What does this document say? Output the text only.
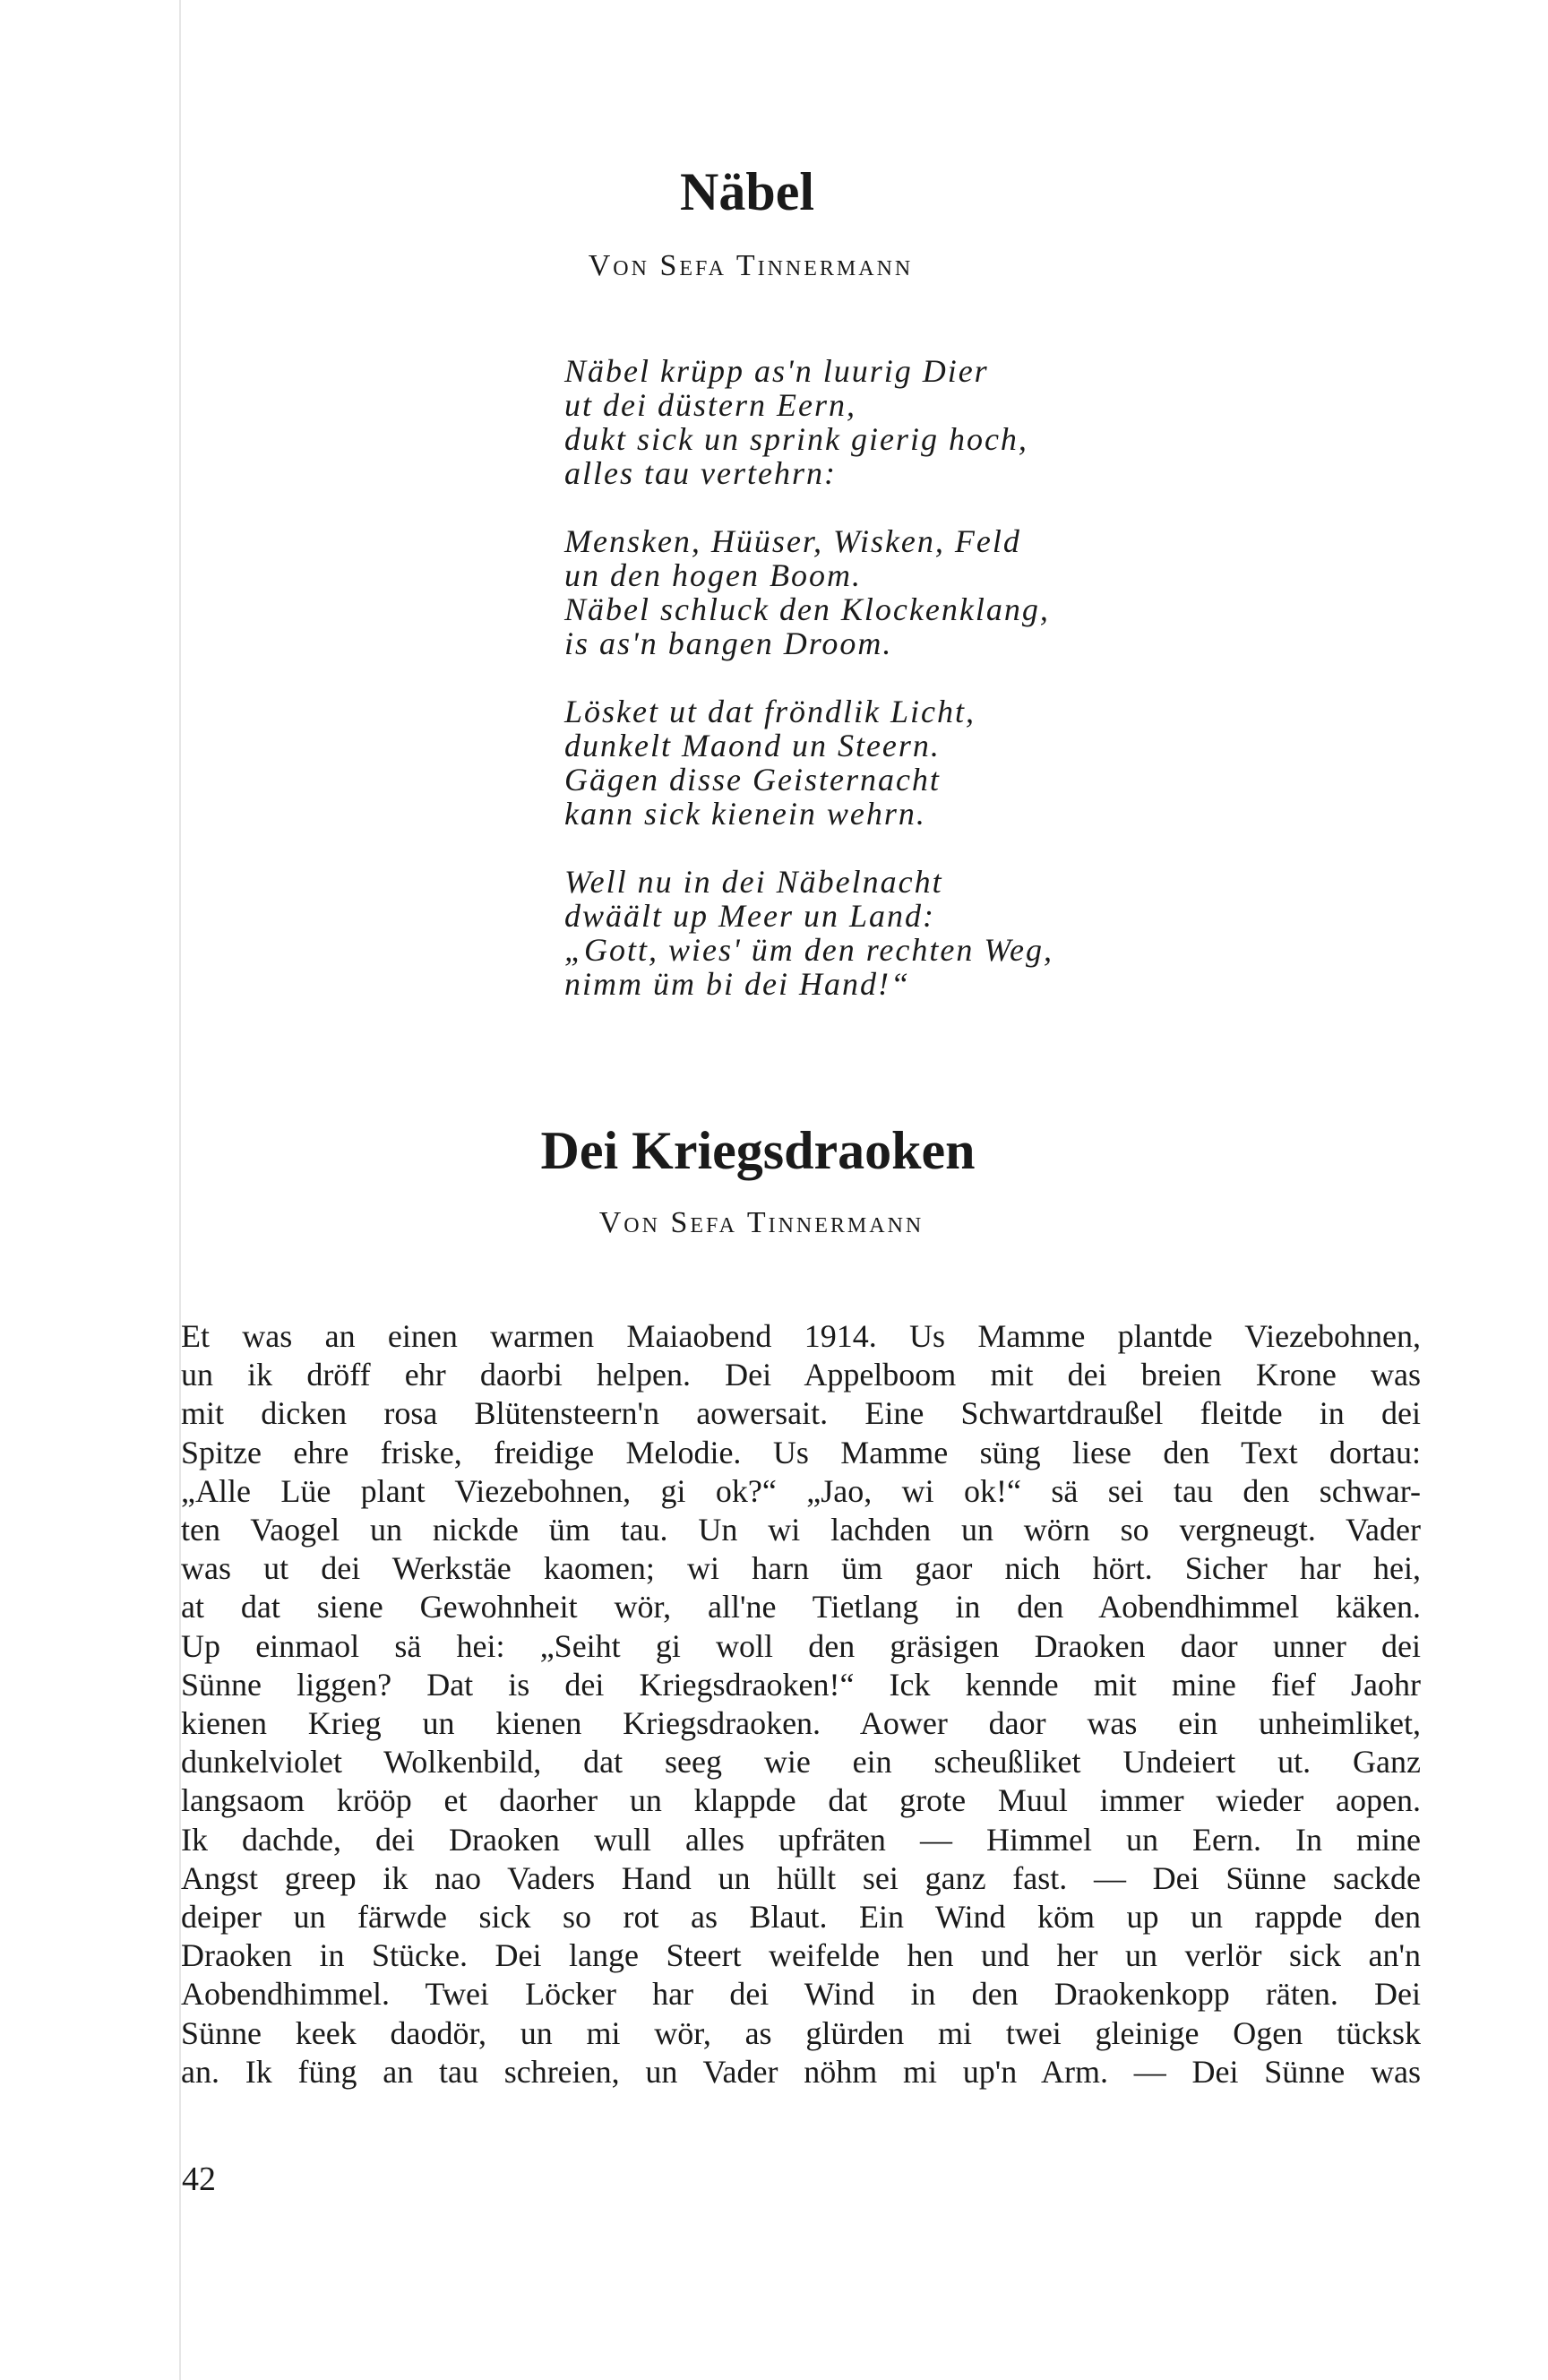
Näbel
Von Sefa Tinnermann
Näbel krüpp as'n luurig Dier
ut dei düstern Eern,
dukt sick un sprink gierig hoch,
alles tau vertehrn:
Mensken, Hüüser, Wisken, Feld
un den hogen Boom.
Näbel schluck den Klockenklang,
is as'n bangen Droom.
Lösket ut dat fröndlik Licht,
dunkelt Maond un Steern.
Gägen disse Geisternacht
kann sick kienein wehrn.
Well nu in dei Näbelnacht
dwäält up Meer un Land:
„Gott, wies' üm den rechten Weg,
nimm üm bi dei Hand!“
Dei Kriegsdraoken
Von Sefa Tinnermann
Et was an einen warmen Maiaobend 1914. Us Mamme plantde Viezebohnen,
un ik dröff ehr daorbi helpen. Dei Appelboom mit dei breien Krone was
mit dicken rosa Blütensteern'n aowersait. Eine Schwartdraußel fleitde in dei
Spitze ehre friske, freidige Melodie. Us Mamme süng liese den Text dortau:
„Alle Lüe plant Viezebohnen, gi ok?“ „Jao, wi ok!“ sä sei tau den schwar-
ten Vaogel un nickde üm tau. Un wi lachden un wörn so vergneugt. Vader
was ut dei Werkstäe kaomen; wi harn üm gaor nich hört. Sicher har hei,
at dat siene Gewohnheit wör, all'ne Tietlang in den Aobendhimmel käken.
Up einmaol sä hei: „Seiht gi woll den gräsigen Draoken daor unner dei
Sünne liggen? Dat is dei Kriegsdraoken!“ Ick kennde mit mine fief Jaohr
kienen Krieg un kienen Kriegsdraoken. Aower daor was ein unheimliket,
dunkelviolet Wolkenbild, dat seeg wie ein scheußliket Undeiert ut. Ganz
langsaom krööp et daorher un klappde dat grote Muul immer wieder aopen.
Ik dachde, dei Draoken wull alles upfräten — Himmel un Eern. In mine
Angst greep ik nao Vaders Hand un hüllt sei ganz fast. — Dei Sünne sackde
deiper un färwde sick so rot as Blaut. Ein Wind köm up un rappde den
Draoken in Stücke. Dei lange Steert weifelde hen und her un verlör sick an'n
Aobendhimmel. Twei Löcker har dei Wind in den Draokenkopp räten. Dei
Sünne keek daodör, un mi wör, as glürden mi twei gleinige Ogen tücksk
an. Ik füng an tau schreien, un Vader nöhm mi up'n Arm. — Dei Sünne was
42
